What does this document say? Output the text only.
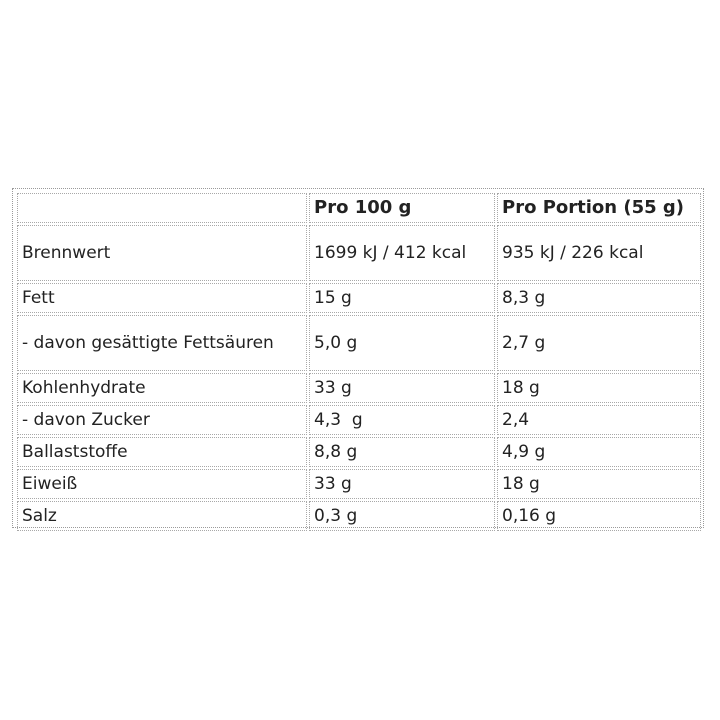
	Pro 100 g	Pro Portion (55 g)
Brennwert	1699 kJ / 412 kcal	935 kJ / 226 kcal
Fett	15 g	8,3 g
- davon gesättigte Fettsäuren	5,0 g	2,7 g
Kohlenhydrate	33 g	18 g
- davon Zucker	4,3  g	2,4
Ballaststoffe	8,8 g	4,9 g
Eiweiß	33 g	18 g
Salz	0,3 g	0,16 g
